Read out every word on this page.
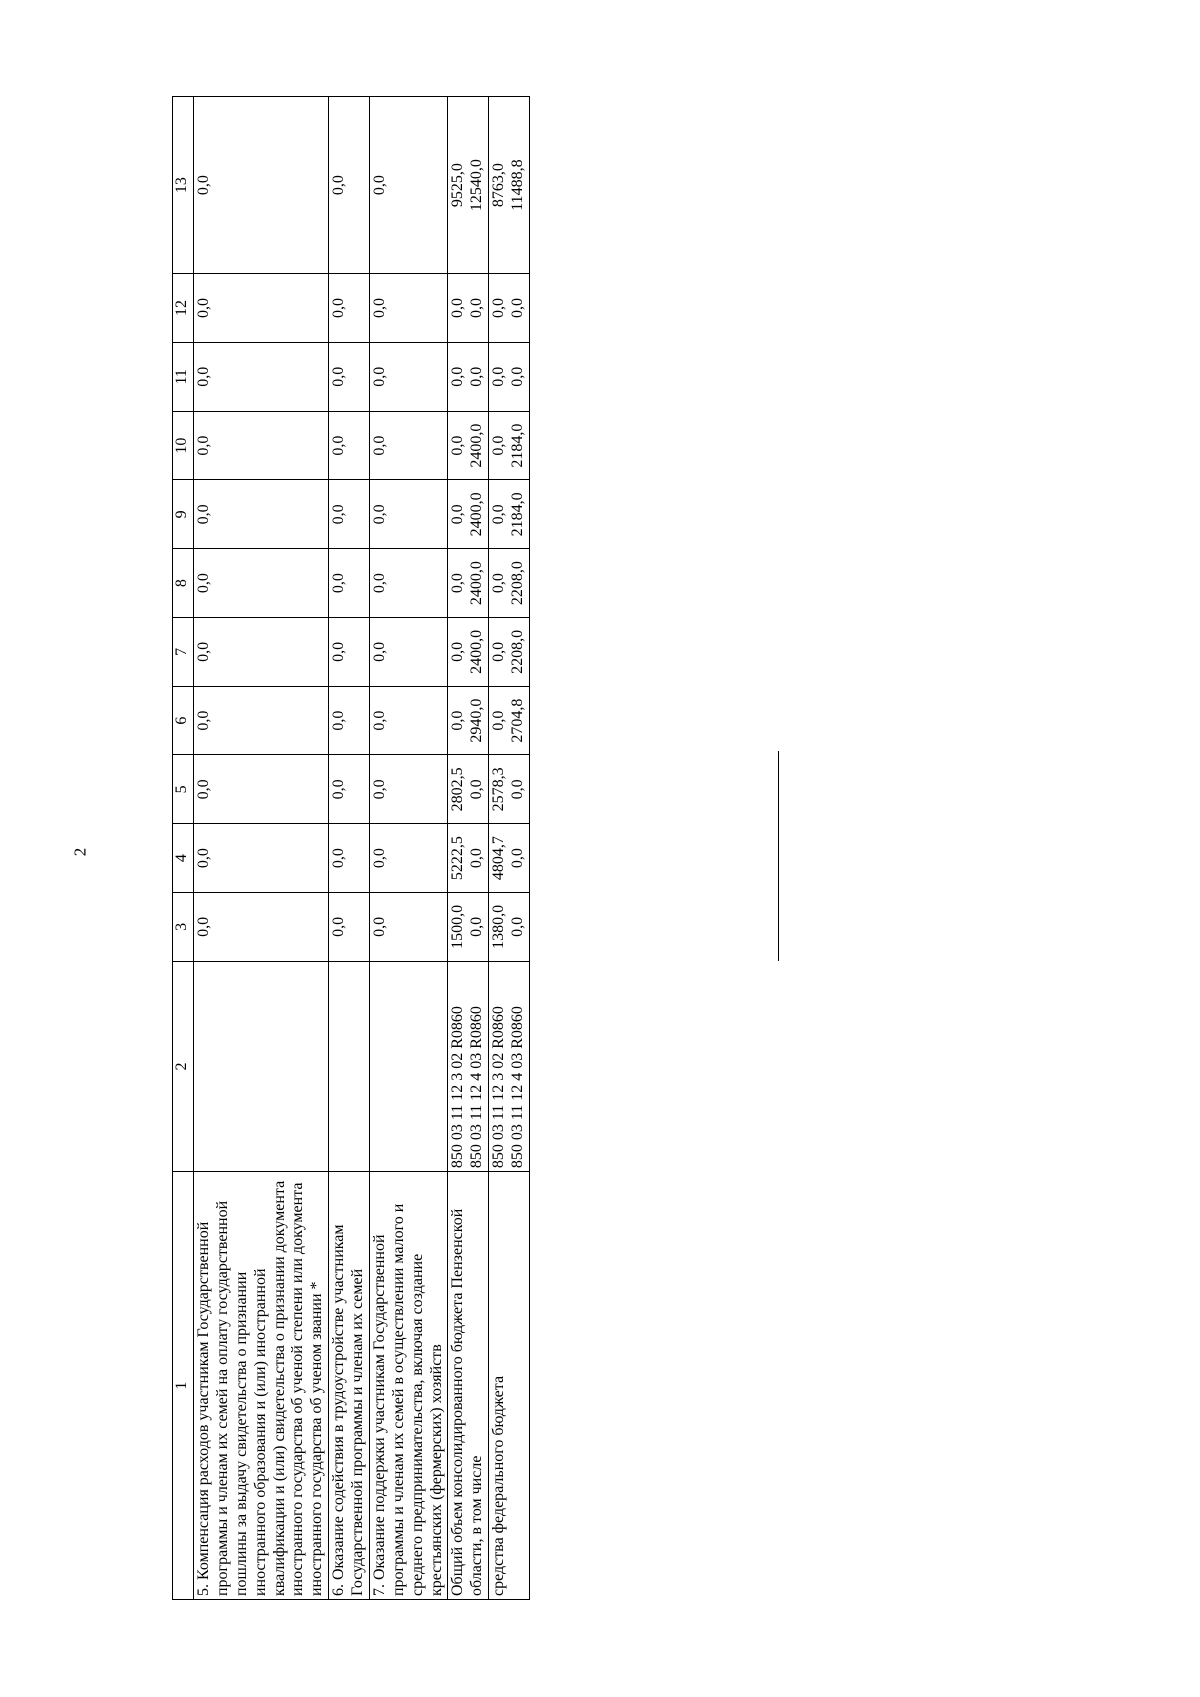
2
1	2	3	4	5	6	7	8	9	10	11	12	13
5. Компенсация расходов участникам Государственной программы и членам их семей на оплату государственной пошлины за выдачу свидетельства о признании иностранного образования и (или) иностранной квалификации и (или) свидетельства о признании документа иностранного государства об ученой степени или документа иностранного государства об ученом звании *		0,0	0,0	0,0	0,0	0,0	0,0	0,0	0,0	0,0	0,0	0,0

6. Оказание содействия в трудоустройстве участникам Государственной программы и членам их семей		0,0	0,0	0,0	0,0	0,0	0,0	0,0	0,0	0,0	0,0	0,0

7. Оказание поддержки участникам Государственной программы и членам их семей в осуществлении малого и среднего предпринимательства, включая создание крестьянских (фермерских) хозяйств		0,0	0,0	0,0	0,0	0,0	0,0	0,0	0,0	0,0	0,0	0,0

Общий объем консолидированного бюджета Пензенской области, в том числе	850 03 11 12 3 02 R0860 850 03 11 12 4 03 R0860	1500,0 0,0	5222,5 0,0	2802,5 0,0	0,0 2940,0	0,0 2400,0	0,0 2400,0	0,0 2400,0	0,0 2400,0	0,0 0,0	0,0 0,0	9525,0 12540,0

средства федерального бюджета	850 03 11 12 3 02 R0860 850 03 11 12 4 03 R0860	1380,0 0,0	4804,7 0,0	2578,3 0,0	0,0 2704,8	0,0 2208,0	0,0 2208,0	0,0 2184,0	0,0 2184,0	0,0 0,0	0,0 0,0	8763,0 11488,8
